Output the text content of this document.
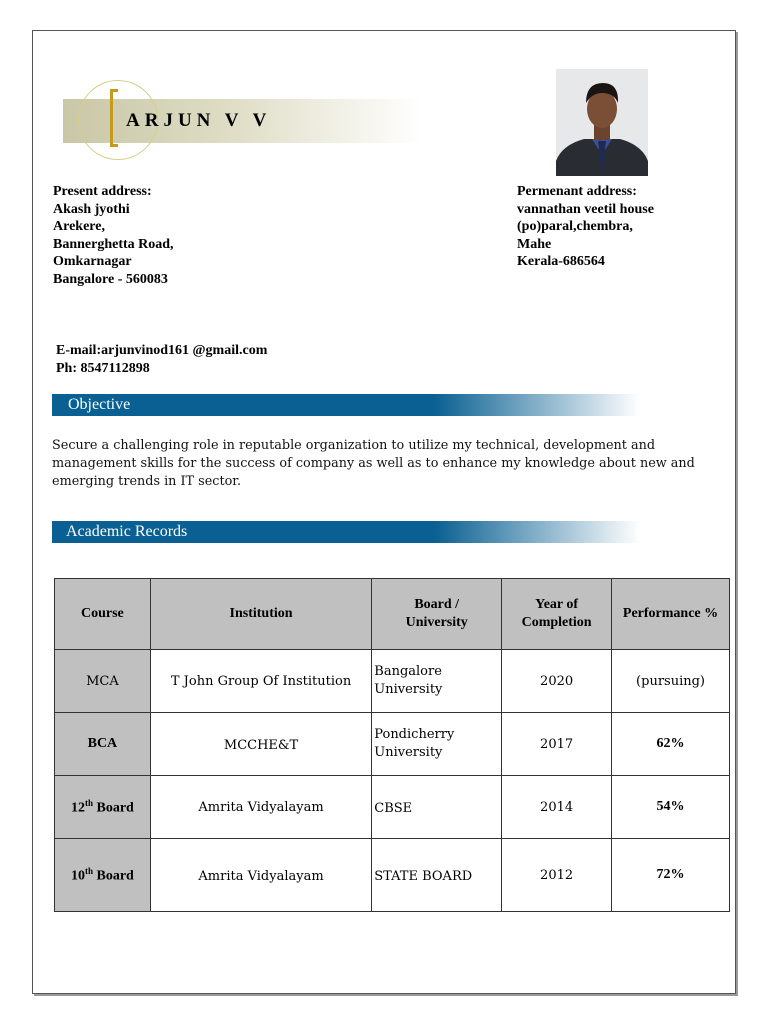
ARJUN V V
Present address:
Akash jyothi
Arekere,
Bannerghetta Road,
Omkarnagar
Bangalore - 560083
Permenant address:
vannathan veetil house
(po)paral,chembra,
Mahe
Kerala-686564
E-mail:arjunvinod161 @gmail.com
Ph: 8547112898
Objective
Secure a challenging role in reputable organization to utilize my technical, development and management skills for the success of company as well as to enhance my knowledge about new and emerging trends in IT sector.
Academic Records
Course	Institution	Board / University	Year of Completion	Performance %
MCA	T John Group Of Institution	Bangalore University	2020	(pursuing)
BCA	MCCHE&T	Pondicherry University	2017	62%
12th Board	Amrita Vidyalayam	CBSE	2014	54%
10th Board	Amrita Vidyalayam	STATE BOARD	2012	72%
